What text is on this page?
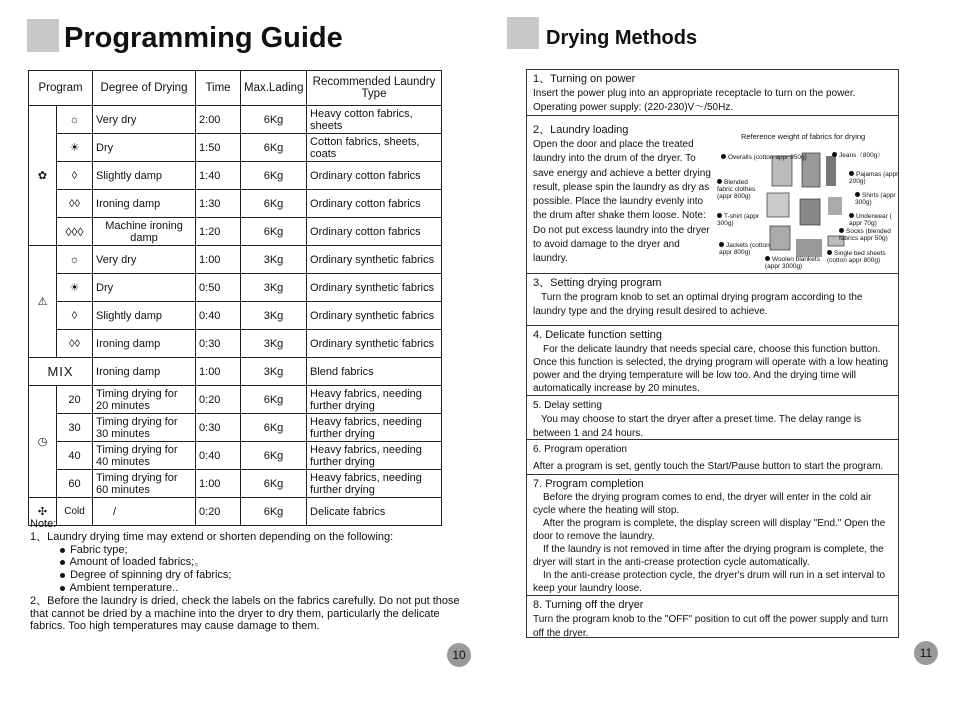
Programming Guide
Program		Degree of Drying	Time	Max.Lading	Recommended Laundry Type
✿	☼	Very dry	2:00	6Kg	Heavy cotton fabrics, sheets
	☀	Dry	1:50	6Kg	Cotton fabrics, sheets, coats
	◊	Slightly damp	1:40	6Kg	Ordinary cotton fabrics
	◊◊	Ironing damp	1:30	6Kg	Ordinary cotton fabrics
	◊◊◊	Machine ironing damp	1:20	6Kg	Ordinary cotton fabrics
⚠	☼	Very dry	1:00	3Kg	Ordinary synthetic fabrics
	☀	Dry	0:50	3Kg	Ordinary synthetic fabrics
	◊	Slightly damp	0:40	3Kg	Ordinary synthetic fabrics
	◊◊	Ironing damp	0:30	3Kg	Ordinary synthetic fabrics
MIX		Ironing damp	1:00	3Kg	Blend fabrics
◷	20	Timing drying for 20 minutes	0:20	6Kg	Heavy fabrics, needing further drying
	30	Timing drying for 30 minutes	0:30	6Kg	Heavy fabrics, needing further drying
	40	Timing drying for 40 minutes	0:40	6Kg	Heavy fabrics, needing further drying
	60	Timing drying for 60 minutes	1:00	6Kg	Heavy fabrics, needing further drying
✣	Cold	/	0:20	6Kg	Delicate fabrics
Note:
1、Laundry drying time may extend or shorten depending on the following:
Fabric type;
Amount of loaded fabrics;。
Degree of spinning dry of fabrics;
Ambient temperature..
2、Before the laundry is dried, check the labels on the fabrics carefully. Do not put those that cannot be dried by a machine into the dryer to dry them, particularly the delicate fabrics. Too high temperatures may cause damage to them.
10
Drying Methods
1、Turning on power
Insert the power plug into an appropriate receptacle to turn on the power. Operating power supply: (220-230)V～/50Hz.
2、Laundry loading
Open the door and place the treated laundry into the drum of the dryer. To save energy and achieve a better drying result, please spin the laundry as dry as possible. Place the laundry evenly into the drum after shake them loose. Note: Do not put excess laundry into the dryer to avoid damage to the dryer and laundry.
Reference weight of fabrics for drying
Overalls (cotton appr 950g)	Jeans（800g）
Pajamas (appr 200g)
Blended fabric clothes (appr 800g)	Shirts (appr 300g)
T-shirt (appr 300g)
Underwear ( appr 70g)
Socks (blended fabrics appr 50g)
Jackets (cotton appr 800g)	Single bed sheets (cotton appr 800g)
Woolen blankets (appr 3000g)
3、Setting drying program
Turn the program knob to set an optimal drying program according to the laundry type and the drying result desired to achieve.
4. Delicate function setting
For the delicate laundry that needs special care, choose this function button. Once this function is selected, the drying program will operate with a low heating power and the drying temperature will be low too. And the drying time will automatically increase by 20 minutes.
5. Delay setting
You may choose to start the dryer after a preset time. The delay range is between 1 and 24 hours.
6. Program operation
After a program is set, gently touch the Start/Pause button to start the program.
7. Program completion
Before the drying program comes to end, the dryer will enter in the cold air cycle where the heating will stop.
After the program is complete, the display screen will display "End." Open the door to remove the laundry.
If the laundry is not removed in time after the drying program is complete, the dryer will start in the anti-crease protection cycle automatically.
In the anti-crease protection cycle, the dryer's drum will run in a set interval to keep your laundry loose.
8. Turning off the dryer
Turn the program knob to the "OFF" position to cut off the power supply and turn off the dryer.
11
